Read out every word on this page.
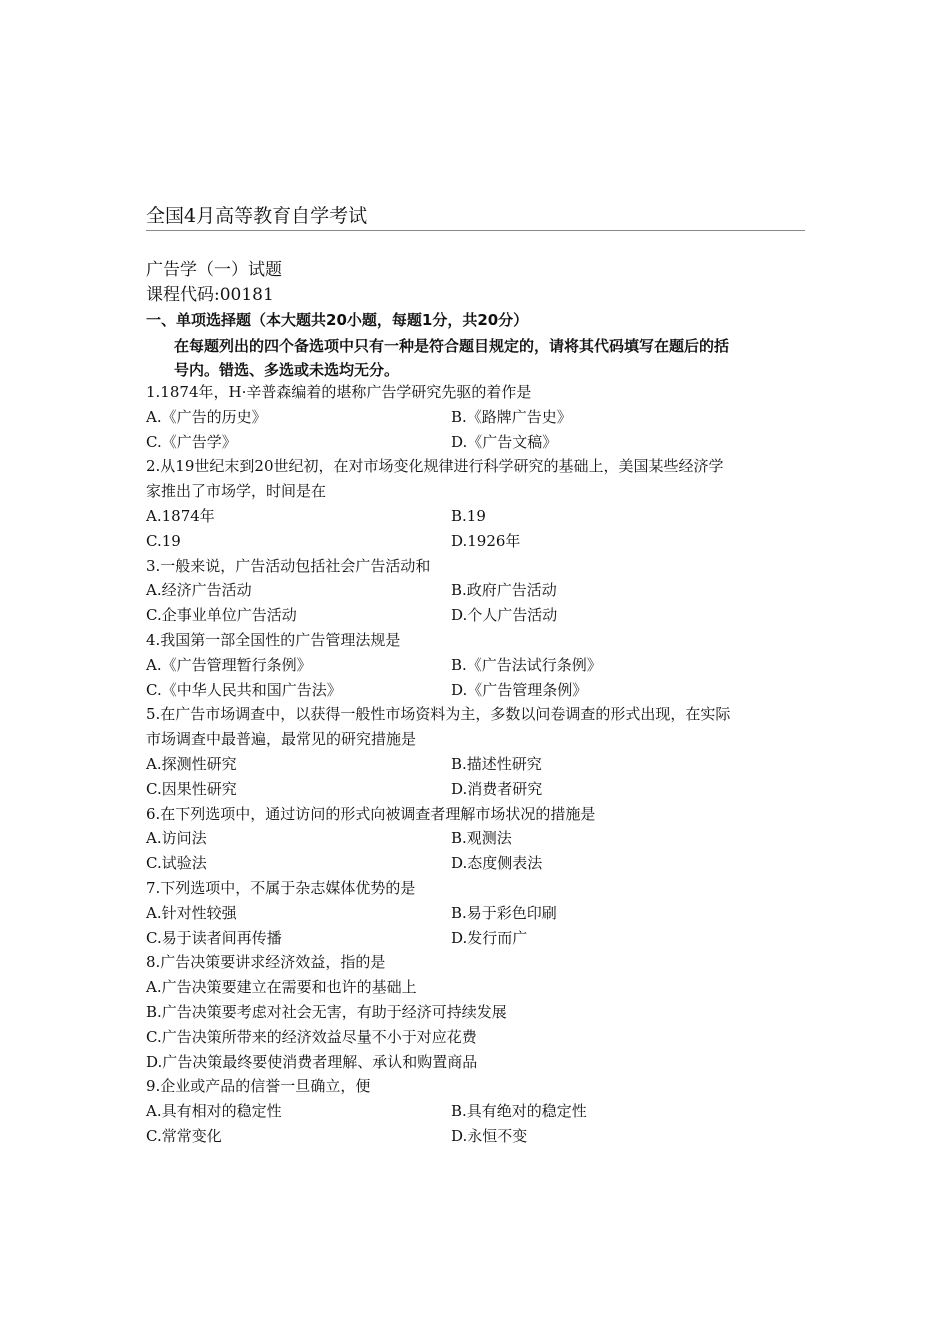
全国4月高等教育自学考试
广告学（一）试题
课程代码:00181
一、单项选择题（本大题共20小题，每题1分，共20分）
在每题列出的四个备选项中只有一种是符合题目规定的，请将其代码填写在题后的括
号内。错选、多选或未选均无分。
1.1874年，H·辛普森编着的堪称广告学研究先驱的着作是
A.《广告的历史》	B.《路牌广告史》
C.《广告学》	D.《广告文稿》
2.从19世纪末到20世纪初，在对市场变化规律进行科学研究的基础上，美国某些经济学
家推出了市场学，时间是在
A.1874年	B.19
C.19	D.1926年
3.一般来说，广告活动包括社会广告活动和
A.经济广告活动	B.政府广告活动
C.企事业单位广告活动	D.个人广告活动
4.我国第一部全国性的广告管理法规是
A.《广告管理暂行条例》	B.《广告法试行条例》
C.《中华人民共和国广告法》	D.《广告管理条例》
5.在广告市场调查中，以获得一般性市场资料为主，多数以问卷调查的形式出现，在实际
市场调查中最普遍，最常见的研究措施是
A.探测性研究	B.描述性研究
C.因果性研究	D.消费者研究
6.在下列选项中，通过访问的形式向被调查者理解市场状况的措施是
A.访问法	B.观测法
C.试验法	D.态度侧表法
7.下列选项中，不属于杂志媒体优势的是
A.针对性较强	B.易于彩色印刷
C.易于读者间再传播	D.发行而广
8.广告决策要讲求经济效益，指的是
A.广告决策要建立在需要和也许的基础上
B.广告决策要考虑对社会无害，有助于经济可持续发展
C.广告决策所带来的经济效益尽量不小于对应花费
D.广告决策最终要使消费者理解、承认和购置商品
9.企业或产品的信誉一旦确立，便
A.具有相对的稳定性	B.具有绝对的稳定性
C.常常变化	D.永恒不变
